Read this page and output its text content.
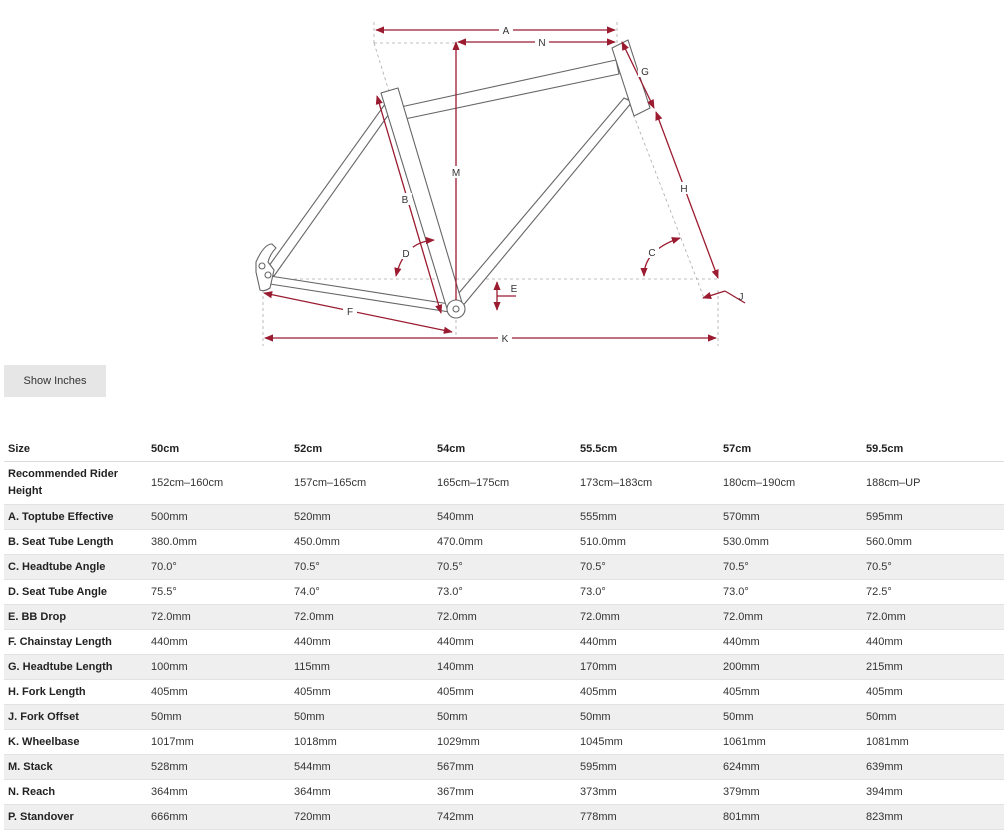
A
N
G
M
B
H
D	C
E
J
F
K
Show Inches
Size	50cm	52cm	54cm	55.5cm	57cm	59.5cm
Recommended Rider Height	152cm–160cm	157cm–165cm	165cm–175cm	173cm–183cm	180cm–190cm	188cm–UP
A. Toptube Effective	500mm	520mm	540mm	555mm	570mm	595mm
B. Seat Tube Length	380.0mm	450.0mm	470.0mm	510.0mm	530.0mm	560.0mm
C. Headtube Angle	70.0°	70.5°	70.5°	70.5°	70.5°	70.5°
D. Seat Tube Angle	75.5°	74.0°	73.0°	73.0°	73.0°	72.5°
E. BB Drop	72.0mm	72.0mm	72.0mm	72.0mm	72.0mm	72.0mm
F. Chainstay Length	440mm	440mm	440mm	440mm	440mm	440mm
G. Headtube Length	100mm	115mm	140mm	170mm	200mm	215mm
H. Fork Length	405mm	405mm	405mm	405mm	405mm	405mm
J. Fork Offset	50mm	50mm	50mm	50mm	50mm	50mm
K. Wheelbase	1017mm	1018mm	1029mm	1045mm	1061mm	1081mm
M. Stack	528mm	544mm	567mm	595mm	624mm	639mm
N. Reach	364mm	364mm	367mm	373mm	379mm	394mm
P. Standover	666mm	720mm	742mm	778mm	801mm	823mm
